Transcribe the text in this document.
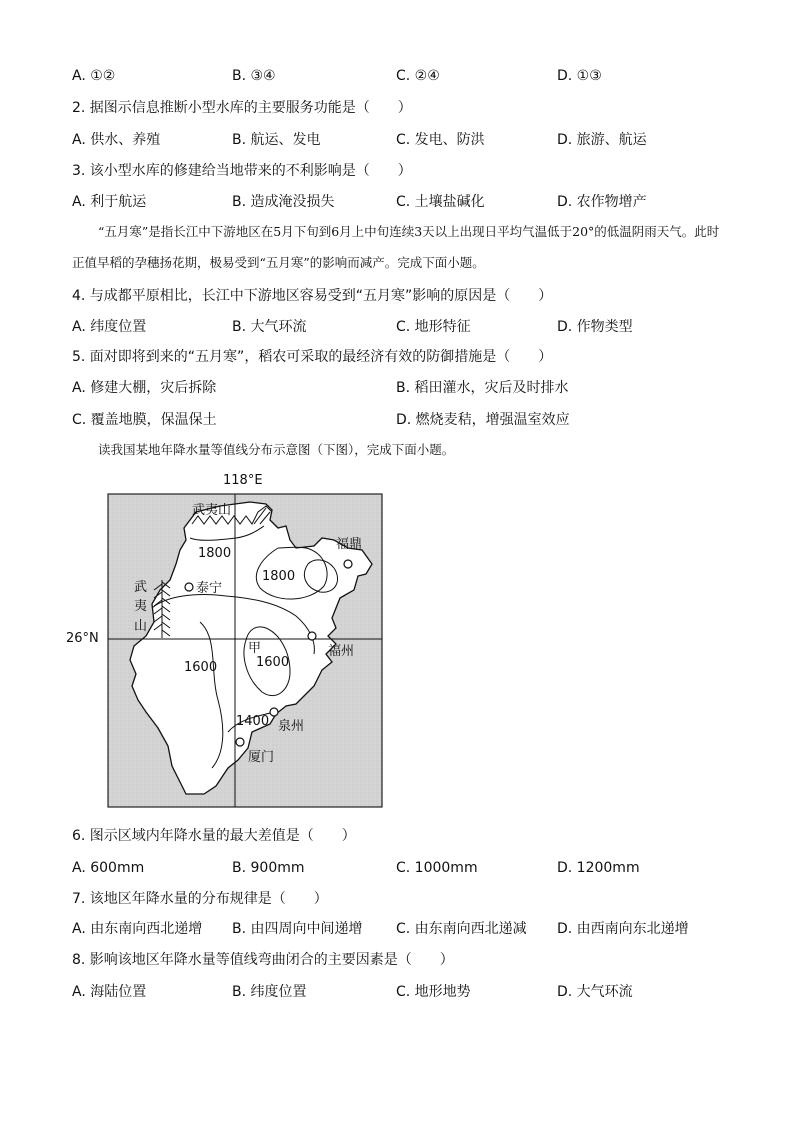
A. ①②	B. ③④	C. ②④	D. ①③
2. 据图示信息推断小型水库的主要服务功能是（　　）
A. 供水、养殖	B. 航运、发电	C. 发电、防洪	D. 旅游、航运
3. 该小型水库的修建给当地带来的不利影响是（　　）
A. 利于航运	B. 造成淹没损失	C. 土壤盐碱化	D. 农作物增产
“五月寒”是指长江中下游地区在5月下旬到6月上中旬连续3天以上出现日平均气温低于20°的低温阴雨天气。此时正值早稻的孕穗扬花期，极易受到“五月寒”的影响而减产。完成下面小题。
4. 与成都平原相比，长江中下游地区容易受到“五月寒”影响的原因是（　　）
A. 纬度位置	B. 大气环流	C. 地形特征	D. 作物类型
5. 面对即将到来的“五月寒”，稻农可采取的最经济有效的防御措施是（　　）
A. 修建大棚，灾后拆除	B. 稻田灌水，灾后及时排水
C. 覆盖地膜，保温保土	D. 燃烧麦秸，增强温室效应
读我国某地年降水量等值线分布示意图（下图），完成下面小题。
118°E
武夷山
武
夷
山
1800
1800
泰宁
福鼎
甲
1600
1600
福州
1400 泉州
厦门
26°N
6. 图示区域内年降水量的最大差值是（　　）
A. 600mm	B. 900mm	C. 1000mm	D. 1200mm
7. 该地区年降水量的分布规律是（　　）
A. 由东南向西北递增 B. 由四周向中间递增 C. 由东南向西北递减 D. 由西南向东北递增
8. 影响该地区年降水量等值线弯曲闭合的主要因素是（　　）
A. 海陆位置	B. 纬度位置	C. 地形地势	D. 大气环流
